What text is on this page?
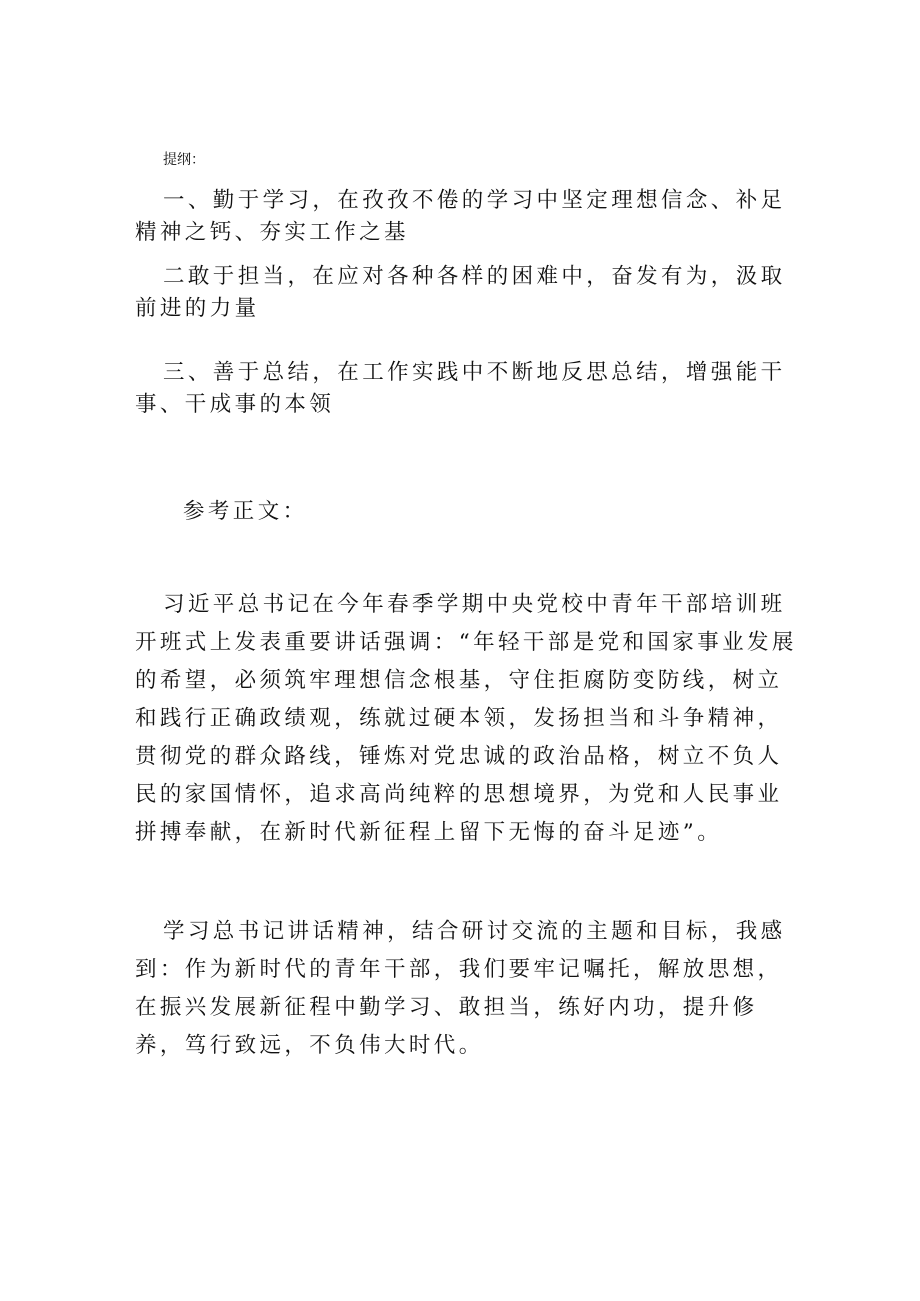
提纲：

一、勤于学习，在孜孜不倦的学习中坚定理想信念、补足精神之钙、夯实工作之基

二敢于担当，在应对各种各样的困难中，奋发有为，汲取前进的力量

三、善于总结，在工作实践中不断地反思总结，增强能干事、干成事的本领

参考正文：

习近平总书记在今年春季学期中央党校中青年干部培训班开班式上发表重要讲话强调：“年轻干部是党和国家事业发展的希望，必须筑牢理想信念根基，守住拒腐防变防线，树立和践行正确政绩观，练就过硬本领，发扬担当和斗争精神，贯彻党的群众路线，锤炼对党忠诚的政治品格，树立不负人民的家国情怀，追求高尚纯粹的思想境界，为党和人民事业拼搏奉献，在新时代新征程上留下无悔的奋斗足迹”。

学习总书记讲话精神，结合研讨交流的主题和目标，我感到：作为新时代的青年干部，我们要牢记嘱托，解放思想，在振兴发展新征程中勤学习、敢担当，练好内功，提升修养，笃行致远，不负伟大时代。
